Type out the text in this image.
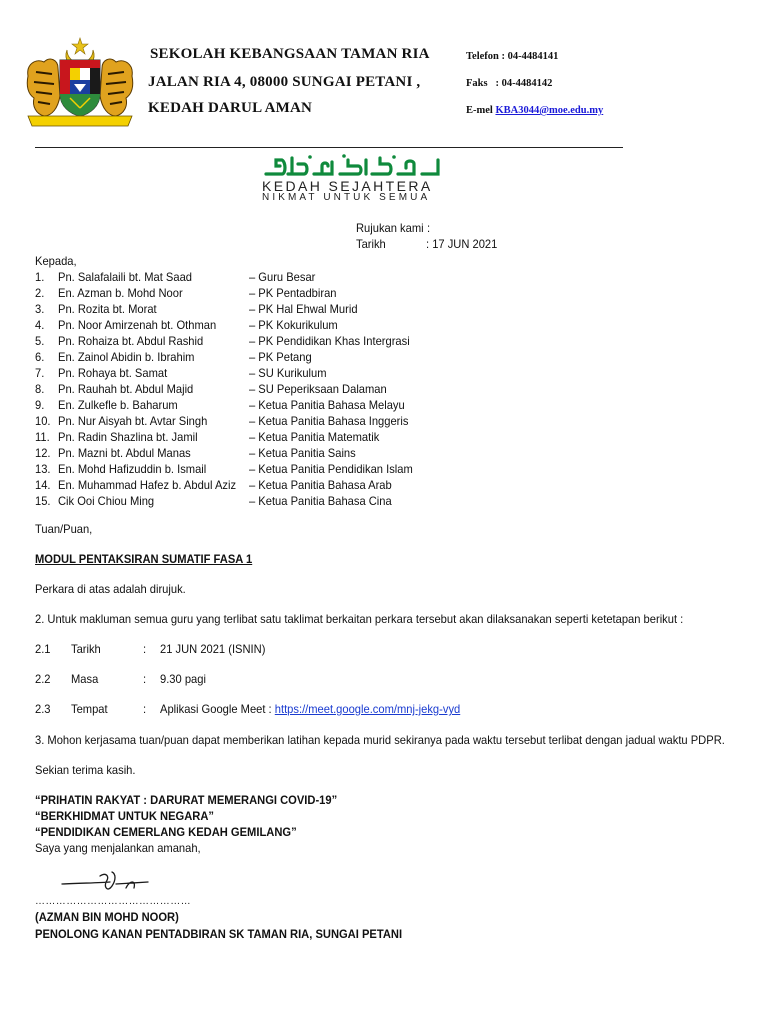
SEKOLAH KEBANGSAAN TAMAN RIA
JALAN RIA 4, 08000 SUNGAI PETANI ,
KEDAH DARUL AMAN
Telefon : 04-4484141
Faks   : 04-4484142
E-mel KBA3044@moe.edu.my
KEDAH SEJAHTERA
NIKMAT UNTUK SEMUA
Rujukan kami :
Tarikh	: 17 JUN 2021
Kepada,
1. Pn. Salafalaili bt. Mat Saad	– Guru Besar
2. En. Azman b. Mohd Noor	– PK Pentadbiran
3. Pn. Rozita bt. Morat	– PK Hal Ehwal Murid
4. Pn. Noor Amirzenah bt. Othman	– PK Kokurikulum
5. Pn. Rohaiza bt. Abdul Rashid	– PK Pendidikan Khas Intergrasi
6. En. Zainol Abidin b. Ibrahim	– PK Petang
7. Pn. Rohaya bt. Samat	– SU Kurikulum
8. Pn. Rauhah bt. Abdul Majid	– SU Peperiksaan Dalaman
9. En. Zulkefle b. Baharum	– Ketua Panitia Bahasa Melayu
10. Pn. Nur Aisyah bt. Avtar Singh	– Ketua Panitia Bahasa Inggeris
11. Pn. Radin Shazlina bt. Jamil	– Ketua Panitia Matematik
12. Pn. Mazni bt. Abdul Manas	– Ketua Panitia Sains
13. En. Mohd Hafizuddin b. Ismail	– Ketua Panitia Pendidikan Islam
14. En. Muhammad Hafez b. Abdul Aziz – Ketua Panitia Bahasa Arab
15. Cik Ooi Chiou Ming	– Ketua Panitia Bahasa Cina
Tuan/Puan,
MODUL PENTAKSIRAN SUMATIF FASA 1
Perkara di atas adalah dirujuk.
2. Untuk makluman semua guru yang terlibat satu taklimat berkaitan perkara tersebut akan dilaksanakan seperti ketetapan berikut :
2.1 Tarikh	: 21 JUN 2021 (ISNIN)
2.2 Masa	: 9.30 pagi
2.3 Tempat	: Aplikasi Google Meet : https://meet.google.com/mnj-jekg-vyd
3. Mohon kerjasama tuan/puan dapat memberikan latihan kepada murid sekiranya pada waktu tersebut terlibat dengan jadual waktu PDPR.
Sekian terima kasih.
“PRIHATIN RAKYAT : DARURAT MEMERANGI COVID-19”
“BERKHIDMAT UNTUK NEGARA”
“PENDIDIKAN CEMERLANG KEDAH GEMILANG”
Saya yang menjalankan amanah,
………………………………………
(AZMAN BIN MOHD NOOR)
PENOLONG KANAN PENTADBIRAN SK TAMAN RIA, SUNGAI PETANI
